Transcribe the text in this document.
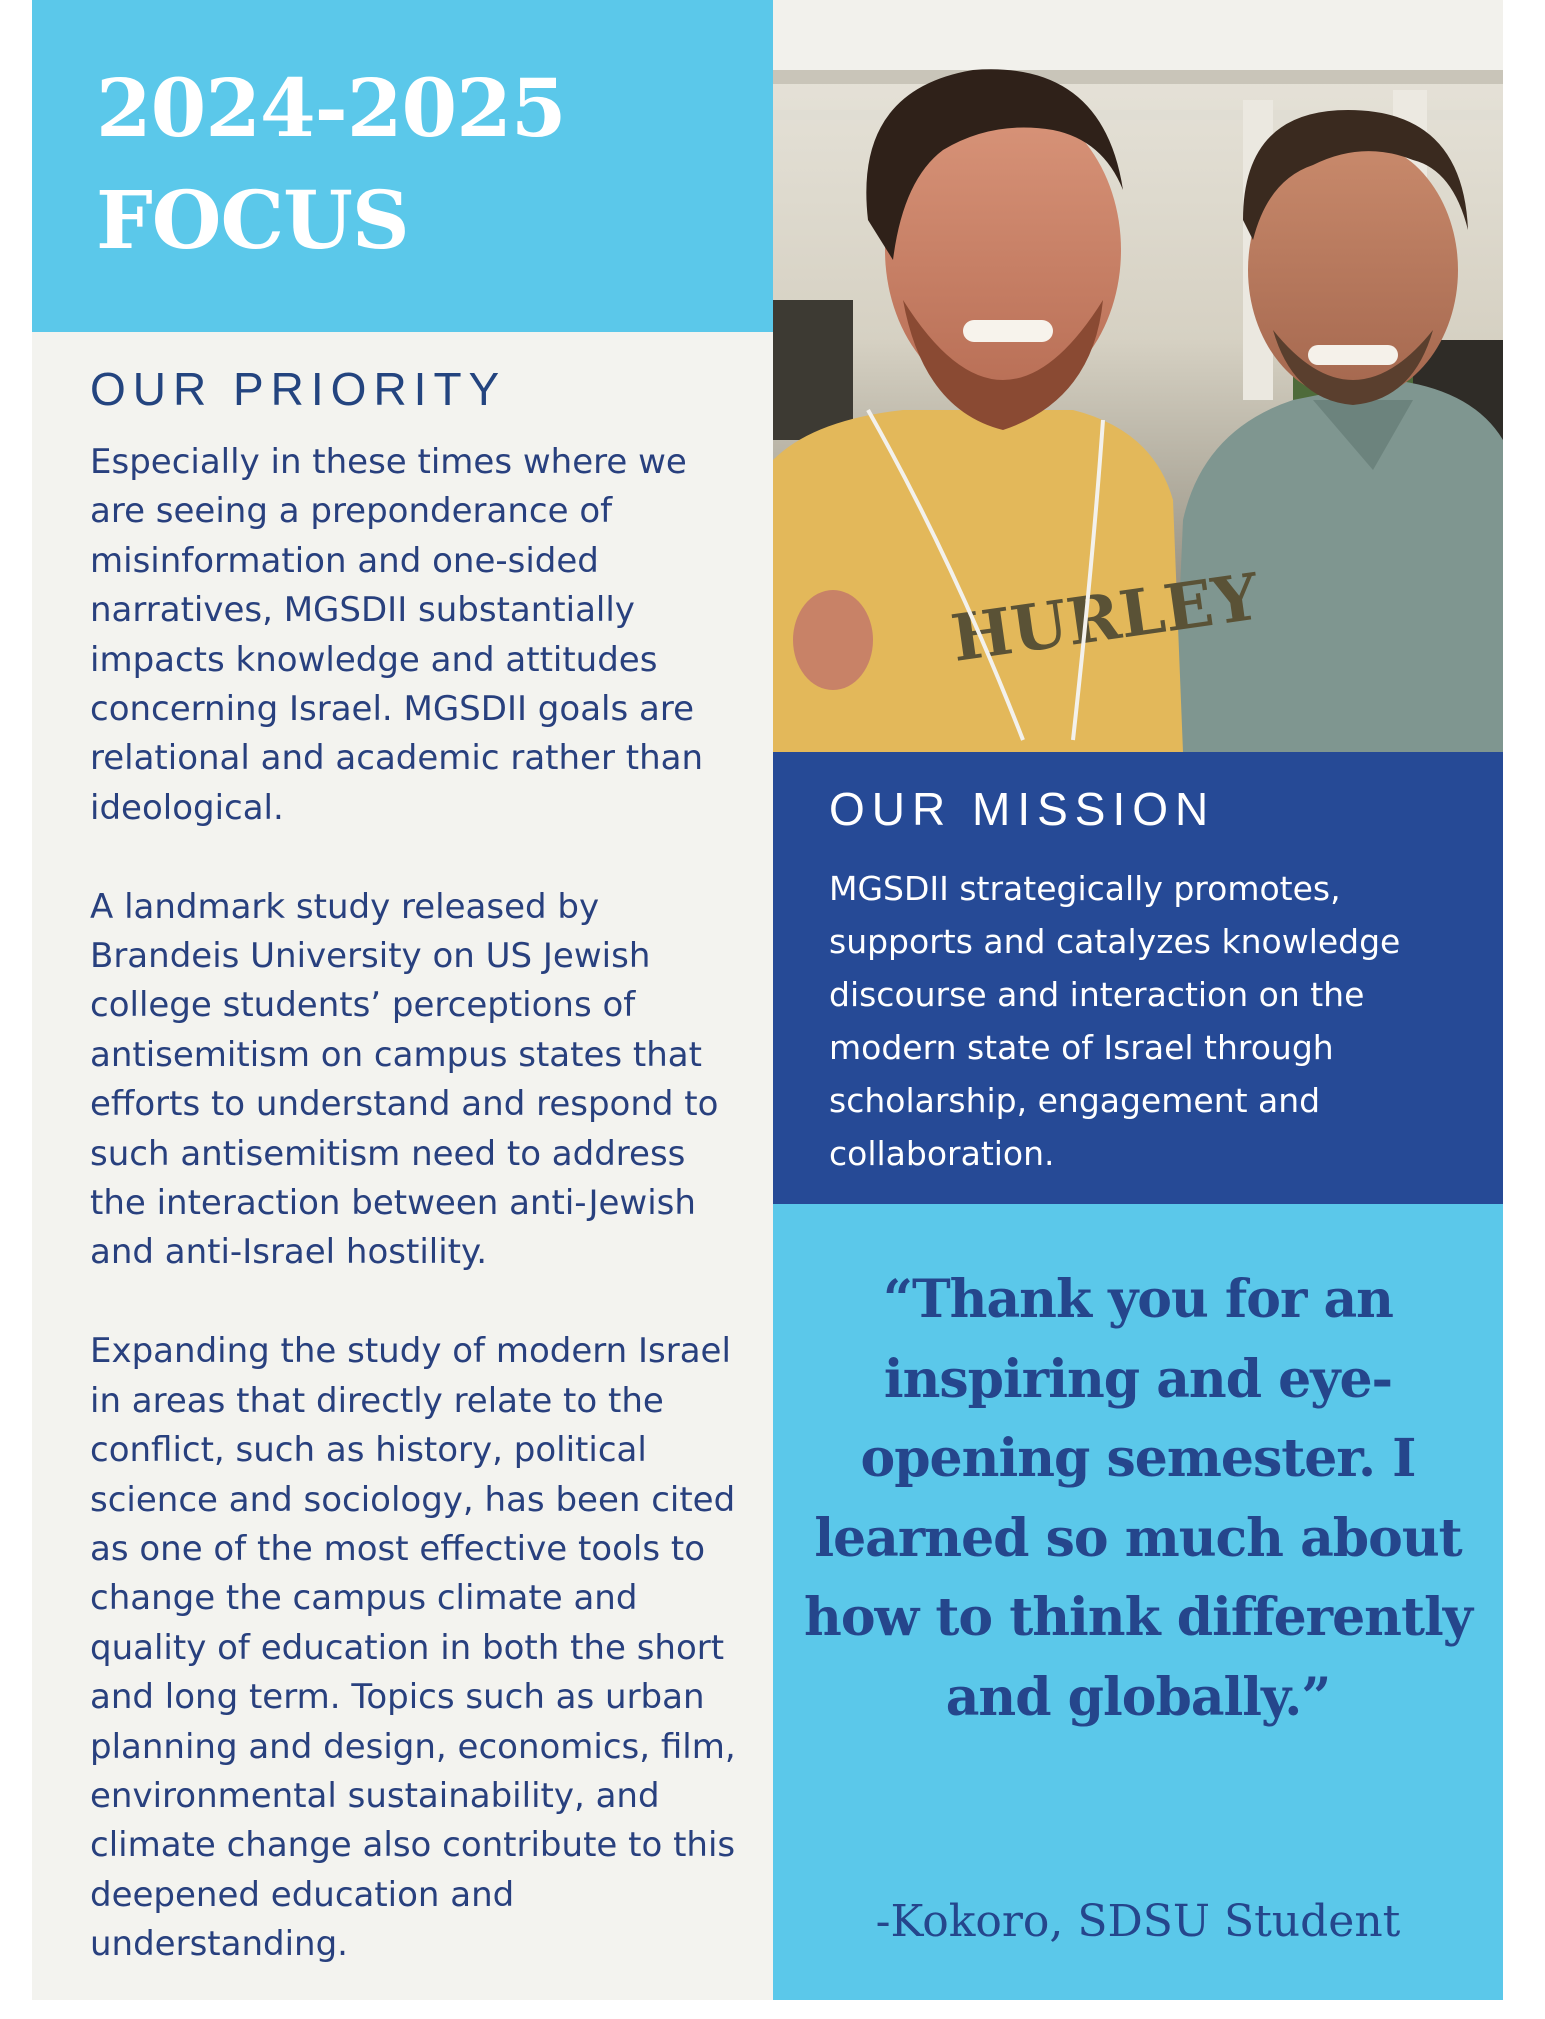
2024-2025
FOCUS
OUR PRIORITY

Especially in these times where we are seeing a preponderance of misinformation and one-sided narratives, MGSDII substantially impacts knowledge and attitudes concerning Israel. MGSDII goals are relational and academic rather than ideological.

A landmark study released by Brandeis University on US Jewish college students’ perceptions of antisemitism on campus states that efforts to understand and respond to such antisemitism need to address the interaction between anti-Jewish and anti-Israel hostility.

Expanding the study of modern Israel in areas that directly relate to the conflict, such as history, political science and sociology, has been cited as one of the most effective tools to change the campus climate and quality of education in both the short and long term. Topics such as urban planning and design, economics, film, environmental sustainability, and climate change also contribute to this deepened education and understanding.

HURLEY
OUR MISSION

MGSDII strategically promotes, supports and catalyzes knowledge discourse and interaction on the modern state of Israel through scholarship, engagement and collaboration.

“Thank you for an inspiring and eye-opening semester. I learned so much about how to think differently and globally.”

-Kokoro, SDSU Student
